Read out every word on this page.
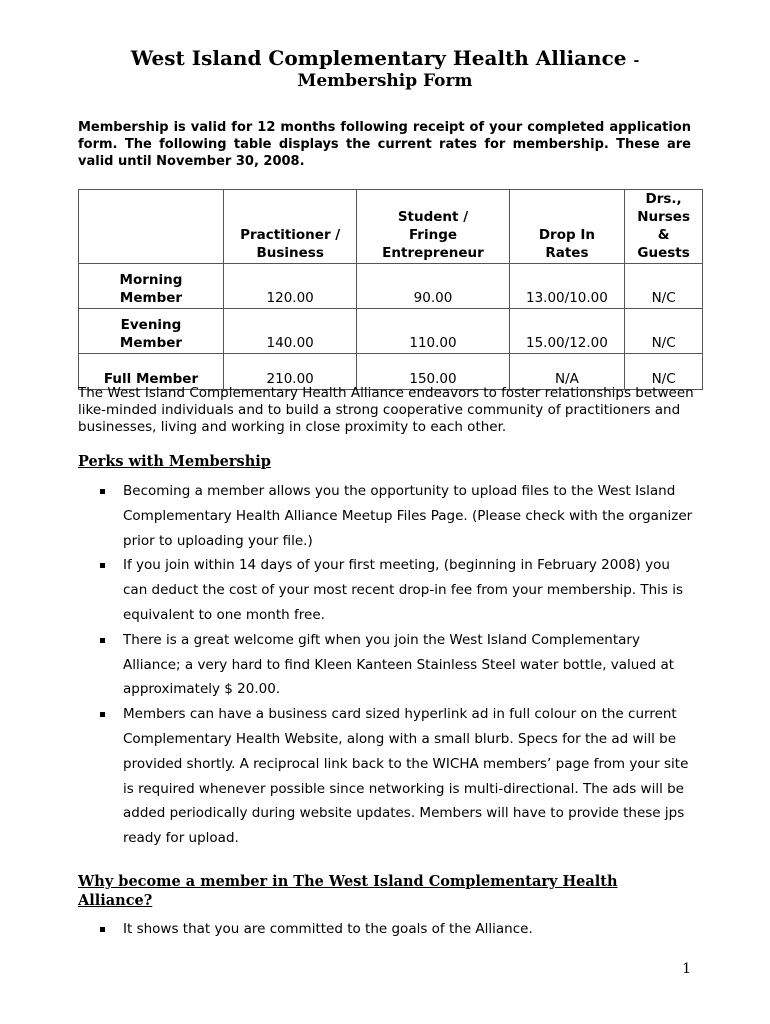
West Island Complementary Health Alliance -
Membership Form
Membership is valid for 12 months following receipt of your completed application form. The following table displays the current rates for membership. These are valid until November 30, 2008.
	Practitioner / Business	Student / Fringe Entrepreneur	Drop In Rates	Drs., Nurses & Guests
Morning Member	120.00	90.00	13.00/10.00	N/C
Evening Member	140.00	110.00	15.00/12.00	N/C
Full Member	210.00	150.00	N/A	N/C
The West Island Complementary Health Alliance endeavors to foster relationships between like-minded individuals and to build a strong cooperative community of practitioners and businesses, living and working in close proximity to each other.
Perks with Membership
Becoming a member allows you the opportunity to upload files to the West Island Complementary Health Alliance Meetup Files Page. (Please check with the organizer prior to uploading your file.)
If you join within 14 days of your first meeting, (beginning in February 2008) you can deduct the cost of your most recent drop-in fee from your membership. This is equivalent to one month free.
There is a great welcome gift when you join the West Island Complementary Alliance; a very hard to find Kleen Kanteen Stainless Steel water bottle, valued at approximately $ 20.00.
Members can have a business card sized hyperlink ad in full colour on the current Complementary Health Website, along with a small blurb. Specs for the ad will be provided shortly. A reciprocal link back to the WICHA members’ page from your site is required whenever possible since networking is multi-directional. The ads will be added periodically during website updates. Members will have to provide these jps ready for upload.
Why become a member in The West Island Complementary Health Alliance?
It shows that you are committed to the goals of the Alliance.
1
